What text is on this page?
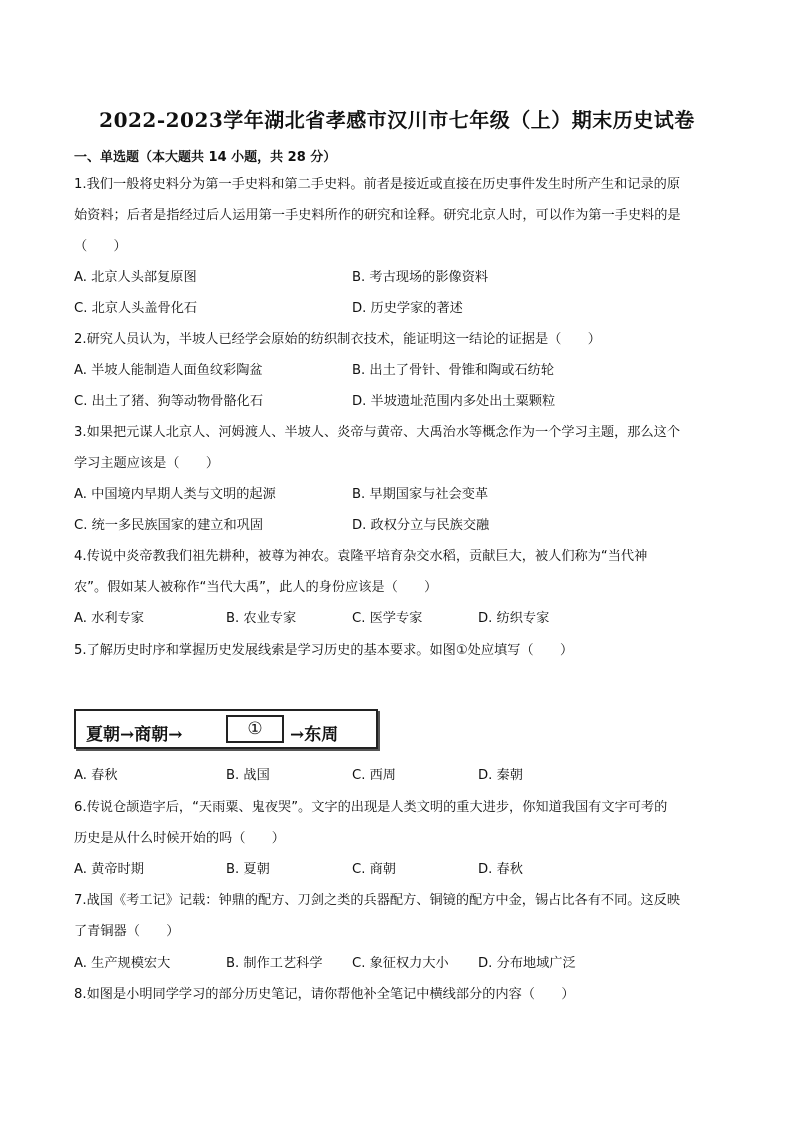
2022-2023学年湖北省孝感市汉川市七年级（上）期末历史试卷
一、单选题（本大题共 14 小题，共 28 分）
1.我们一般将史料分为第一手史料和第二手史料。前者是接近或直接在历史事件发生时所产生和记录的原
始资料；后者是指经过后人运用第一手史料所作的研究和诠释。研究北京人时，可以作为第一手史料的是
（　　）
A. 北京人头部复原图	B. 考古现场的影像资料
C. 北京人头盖骨化石	D. 历史学家的著述
2.研究人员认为，半坡人已经学会原始的纺织制衣技术，能证明这一结论的证据是（　　）
A. 半坡人能制造人面鱼纹彩陶盆	B. 出土了骨针、骨锥和陶或石纺轮
C. 出土了猪、狗等动物骨骼化石	D. 半坡遗址范围内多处出土粟颗粒
3.如果把元谋人北京人、河姆渡人、半坡人、炎帝与黄帝、大禹治水等概念作为一个学习主题，那么这个
学习主题应该是（　　）
A. 中国境内早期人类与文明的起源	B. 早期国家与社会变革
C. 统一多民族国家的建立和巩固	D. 政权分立与民族交融
4.传说中炎帝教我们祖先耕种，被尊为神农。袁隆平培育杂交水稻，贡献巨大，被人们称为“当代神
农”。假如某人被称作“当代大禹”，此人的身份应该是（　　）
A. 水利专家	B. 农业专家	C. 医学专家	D. 纺织专家
5.了解历史时序和掌握历史发展线索是学习历史的基本要求。如图①处应填写（　　）
夏朝→商朝→	①	→东周
A. 春秋	B. 战国	C. 西周	D. 秦朝
6.传说仓颉造字后，“天雨粟、鬼夜哭”。文字的出现是人类文明的重大进步，你知道我国有文字可考的
历史是从什么时候开始的吗（　　）
A. 黄帝时期	B. 夏朝	C. 商朝	D. 春秋
7.战国《考工记》记载：钟鼎的配方、刀剑之类的兵器配方、铜镜的配方中金，锡占比各有不同。这反映
了青铜器（　　）
A. 生产规模宏大	B. 制作工艺科学 C. 象征权力大小 D. 分布地域广泛
8.如图是小明同学学习的部分历史笔记，请你帮他补全笔记中横线部分的内容（　　）
